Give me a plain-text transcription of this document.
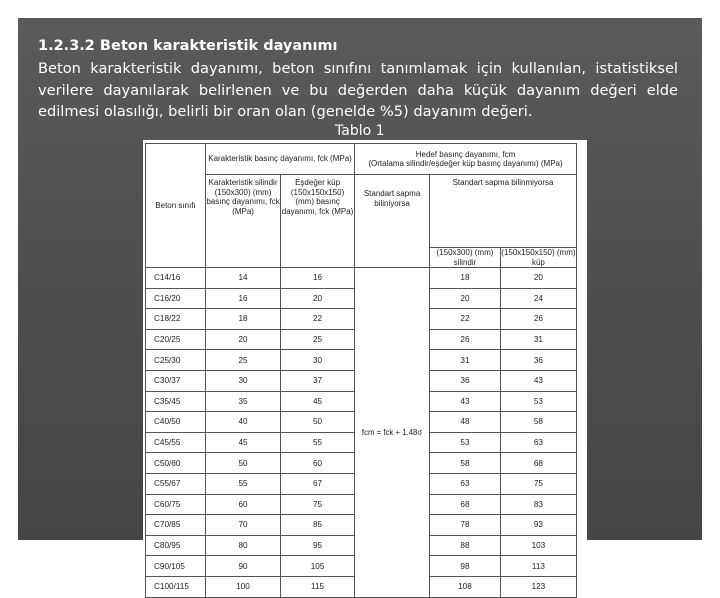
1.2.3.2 Beton karakteristik dayanımı

Beton karakteristik dayanımı, beton sınıfını tanımlamak için kullanılan, istatistiksel verilere dayanılarak belirlenen ve bu değerden daha küçük dayanım değeri elde edilmesi olasılığı, belirli bir oran olan (genelde %5) dayanım değeri.

Tablo 1
Beton sınıfı	Karakteristik basınç dayanımı, fck (MPa)		Hedef basınç dayanımı, fcm
(Ortalama silindir/eşdeğer küp basınç dayanımı) (MPa)		

	Karakteristik silindir (150x300) (mm) basınç dayanımı, fck (MPa)	Eşdeğer küp (150x150x150) (mm) basınç dayanımı, fck (MPa)	Standart sapma biliniyorsa	Standart sapma bilinmiyorsa	
				(150x300) (mm) silindir	(150x150x150) (mm) küp
C14/16	14	16	fcm = fck + 1.48σ	18	20
C16/20	16	20		20	24
C18/22	18	22		22	26
C20/25	20	25		26	31
C25/30	25	30		31	36
C30/37	30	37		36	43
C35/45	35	45		43	53
C40/50	40	50		48	58
C45/55	45	55		53	63
C50/60	50	60		58	68
C55/67	55	67		63	75
C60/75	60	75		68	83
C70/85	70	85		78	93
C80/95	80	95		88	103
C90/105	90	105		98	113
C100/115	100	115		108	123
